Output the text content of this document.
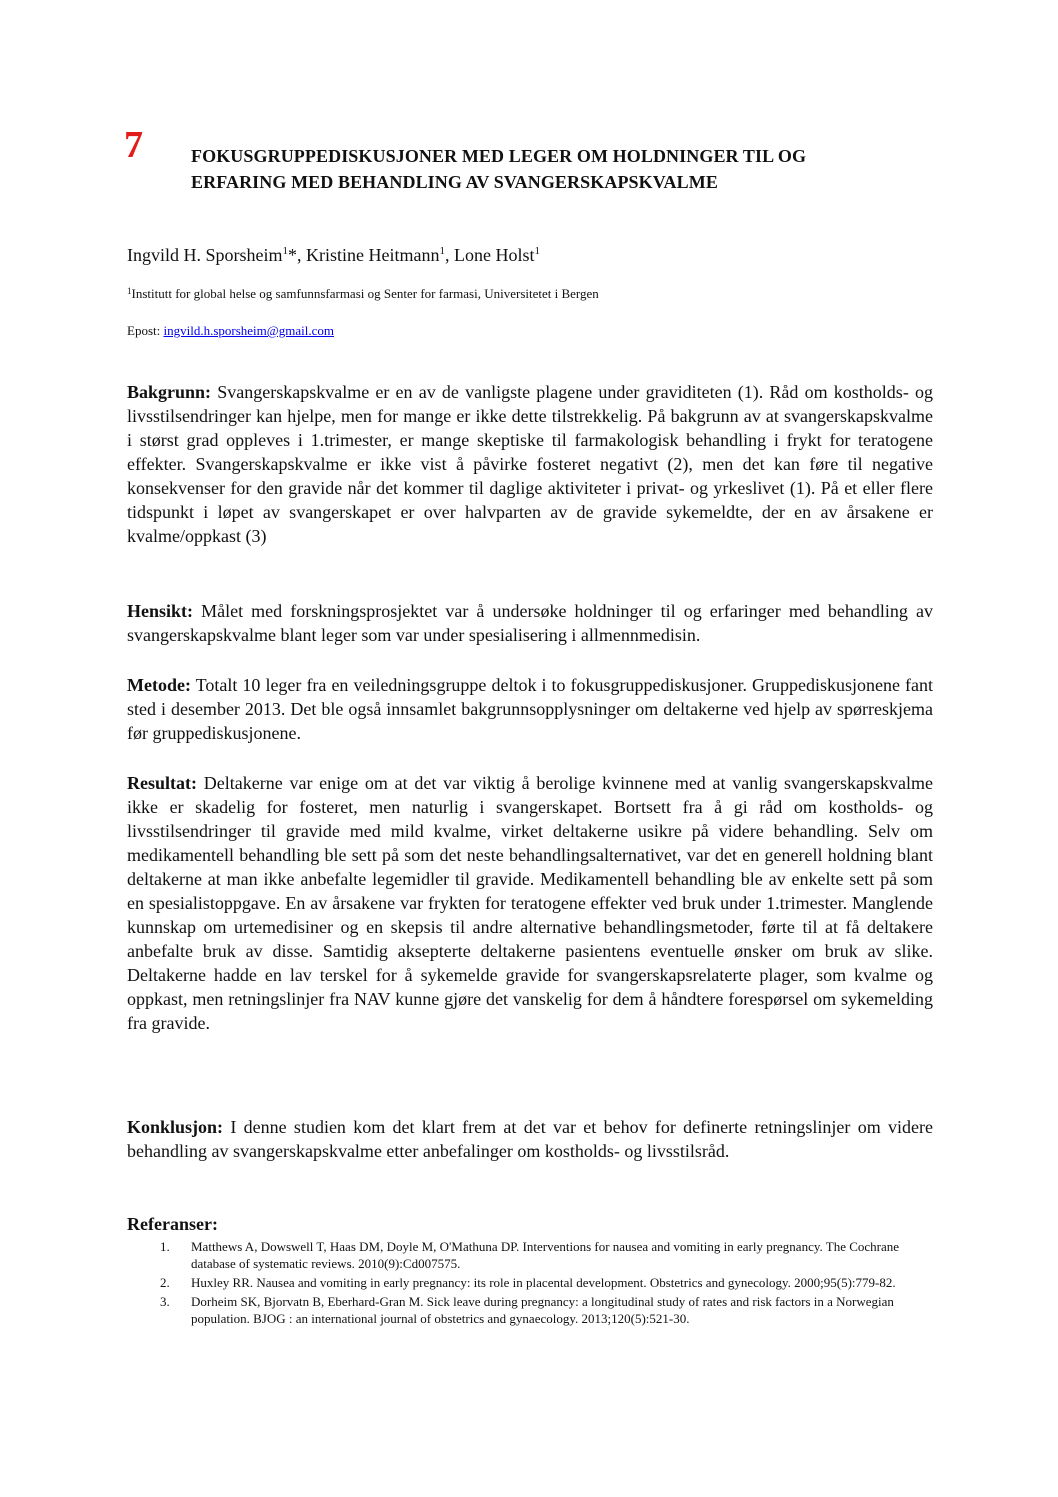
7	FOKUSGRUPPEDISKUSJONER MED LEGER OM HOLDNINGER TIL OG
ERFARING MED BEHANDLING AV SVANGERSKAPSKVALME
Ingvild H. Sporsheim$^1$*, Kristine Heitmann$^1$, Lone Holst$^1$
$^1$Institutt for global helse og samfunnsfarmasi og Senter for farmasi, Universitetet i Bergen
Epost: ingvild.h.sporsheim@gmail.com
Bakgrunn: Svangerskapskvalme er en av de vanligste plagene under graviditeten (1). Råd om kostholds- og livsstilsendringer kan hjelpe, men for mange er ikke dette tilstrekkelig. På bakgrunn av at svangerskapskvalme i størst grad oppleves i 1.trimester, er mange skeptiske til farmakologisk behandling i frykt for teratogene effekter. Svangerskapskvalme er ikke vist å påvirke fosteret negativt (2), men det kan føre til negative konsekvenser for den gravide når det kommer til daglige aktiviteter i privat- og yrkeslivet (1). På et eller flere tidspunkt i løpet av svangerskapet er over halvparten av de gravide sykemeldte, der en av årsakene er kvalme/oppkast (3)
Hensikt: Målet med forskningsprosjektet var å undersøke holdninger til og erfaringer med behandling av svangerskapskvalme blant leger som var under spesialisering i allmennmedisin.
Metode: Totalt 10 leger fra en veiledningsgruppe deltok i to fokusgruppediskusjoner. Gruppediskusjonene fant sted i desember 2013. Det ble også innsamlet bakgrunnsopplysninger om deltakerne ved hjelp av spørreskjema før gruppediskusjonene.
Resultat: Deltakerne var enige om at det var viktig å berolige kvinnene med at vanlig svangerskapskvalme ikke er skadelig for fosteret, men naturlig i svangerskapet. Bortsett fra å gi råd om kostholds- og livsstilsendringer til gravide med mild kvalme, virket deltakerne usikre på videre behandling. Selv om medikamentell behandling ble sett på som det neste behandlingsalternativet, var det en generell holdning blant deltakerne at man ikke anbefalte legemidler til gravide. Medikamentell behandling ble av enkelte sett på som en spesialistoppgave. En av årsakene var frykten for teratogene effekter ved bruk under 1.trimester. Manglende kunnskap om urtemedisiner og en skepsis til andre alternative behandlingsmetoder, førte til at få deltakere anbefalte bruk av disse. Samtidig aksepterte deltakerne pasientens eventuelle ønsker om bruk av slike. Deltakerne hadde en lav terskel for å sykemelde gravide for svangerskapsrelaterte plager, som kvalme og oppkast, men retningslinjer fra NAV kunne gjøre det vanskelig for dem å håndtere forespørsel om sykemelding fra gravide.
Konklusjon: I denne studien kom det klart frem at det var et behov for definerte retningslinjer om videre behandling av svangerskapskvalme etter anbefalinger om kostholds- og livsstilsråd.
Referanser:
1. Matthews A, Dowswell T, Haas DM, Doyle M, O'Mathuna DP. Interventions for nausea and vomiting in early pregnancy. The Cochrane database of systematic reviews. 2010(9):Cd007575.
2. Huxley RR. Nausea and vomiting in early pregnancy: its role in placental development. Obstetrics and gynecology. 2000;95(5):779-82.
3. Dorheim SK, Bjorvatn B, Eberhard-Gran M. Sick leave during pregnancy: a longitudinal study of rates and risk factors in a Norwegian population. BJOG : an international journal of obstetrics and gynaecology. 2013;120(5):521-30.
